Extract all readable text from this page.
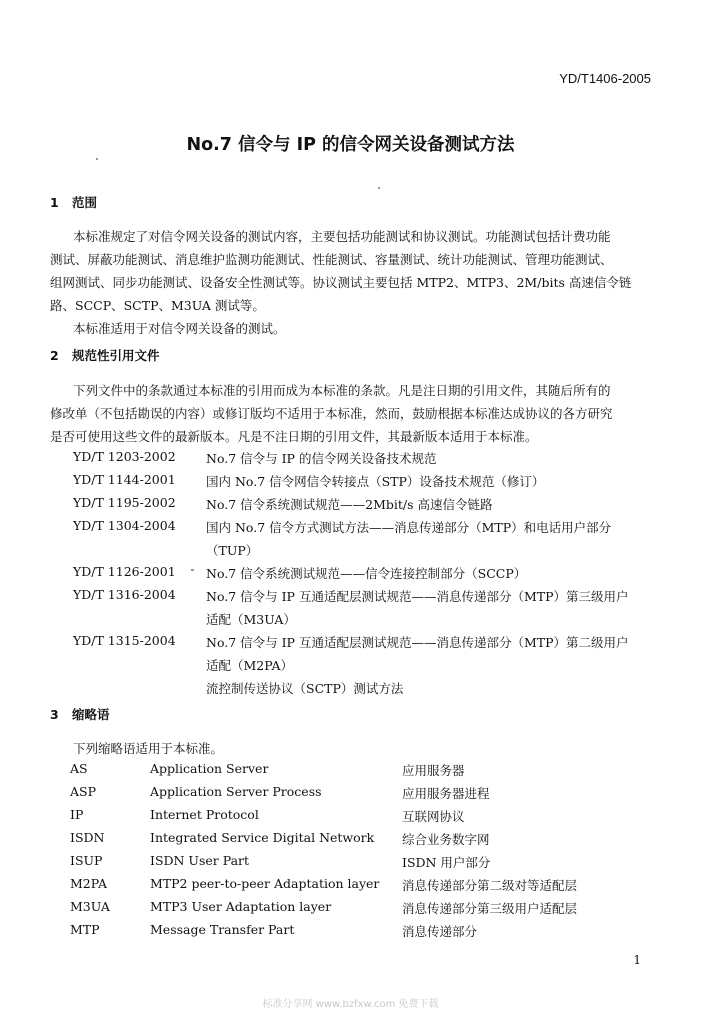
YD/T1406-2005
No.7 信令与 IP 的信令网关设备测试方法
1 范围
本标准规定了对信令网关设备的测试内容，主要包括功能测试和协议测试。功能测试包括计费功能
测试、屏蔽功能测试、消息维护监测功能测试、性能测试、容量测试、统计功能测试、管理功能测试、
组网测试、同步功能测试、设备安全性测试等。协议测试主要包括 MTP2、MTP3、2M/bits 高速信令链
路、SCCP、SCTP、M3UA 测试等。
本标准适用于对信令网关设备的测试。
2 规范性引用文件
下列文件中的条款通过本标准的引用而成为本标准的条款。凡是注日期的引用文件，其随后所有的
修改单（不包括勘误的内容）或修订版均不适用于本标准，然而，鼓励根据本标准达成协议的各方研究
是否可使用这些文件的最新版本。凡是不注日期的引用文件，其最新版本适用于本标准。
YD/T 1203-2002 No.7 信令与 IP 的信令网关设备技术规范
YD/T 1144-2001 国内 No.7 信令网信令转接点（STP）设备技术规范（修订）
YD/T 1195-2002 No.7 信令系统测试规范——2Mbit/s 高速信令链路
YD/T 1304-2004 国内 No.7 信令方式测试方法——消息传递部分（MTP）和电话用户部分
（TUP）
YD/T 1126-2001 No.7 信令系统测试规范——信令连接控制部分（SCCP）
YD/T 1316-2004 No.7 信令与 IP 互通适配层测试规范——消息传递部分（MTP）第三级用户
适配（M3UA）
YD/T 1315-2004 No.7 信令与 IP 互通适配层测试规范——消息传递部分（MTP）第二级用户
适配（M2PA）
流控制传送协议（SCTP）测试方法
3 缩略语
下列缩略语适用于本标准。
AS	Application Server	应用服务器
ASP	Application Server Process	应用服务器进程
IP	Internet Protocol	互联网协议
ISDN	Integrated Service Digital Network 综合业务数字网
ISUP	ISDN User Part	ISDN 用户部分
M2PA	MTP2 peer-to-peer Adaptation layer 消息传递部分第二级对等适配层
M3UA	MTP3 User Adaptation layer	消息传递部分第三级用户适配层
MTP	Message Transfer Part	消息传递部分
1
标准分享网 www.bzfxw.com 免费下载
